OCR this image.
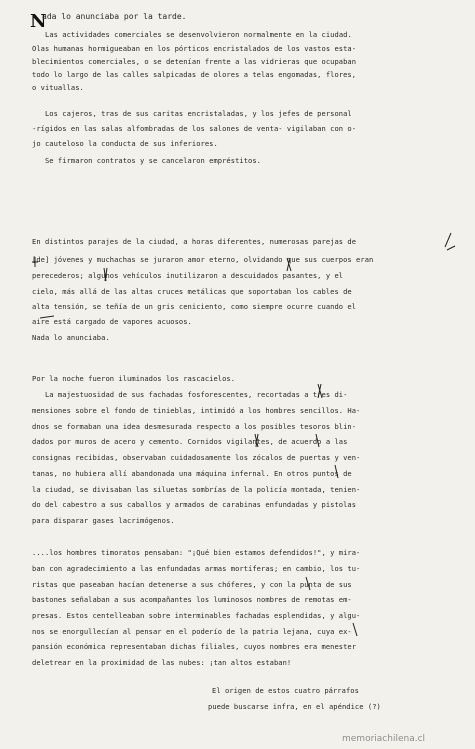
N
ada lo anunciaba por la tarde.
Las actividades comerciales se desenvolvieron normalmente en la ciudad.
Olas humanas hormigueaban en los pórticos encristalados de los vastos esta-
blecimientos comerciales, o se detenían frente a las vidrieras que ocupaban
todo lo largo de las calles salpicadas de olores a telas engomadas, flores,
o vituallas.
Los cajeros, tras de sus caritas encristaladas, y los jefes de personal
-rígidos en las salas alfombradas de los salones de venta- vigilaban con o-
jo cauteloso la conducta de sus inferiores.
Se firmaron contratos y se cancelaron empréstitos.
En distintos parajes de la ciudad, a horas diferentes, numerosas parejas de
[de] jóvenes y muchachas se juraron amor eterno, olvidando que sus cuerpos eran
perecederos; algunos vehículos inutilizaron a descuidados pasantes, y el
cielo, más allá de las altas cruces metálicas que soportaban los cables de
alta tensión, se teñía de un gris ceniciento, como siempre ocurre cuando el
aire está cargado de vapores acuosos.
Nada lo anunciaba.
Por la noche fueron iluminados los rascacielos.
La majestuosidad de sus fachadas fosforescentes, recortadas a tres di-
mensiones sobre el fondo de tinieblas, intimidó a los hombres sencillos. Ha-
dnos se formaban una idea desmesurada respecto a los posibles tesoros blin-
dados por muros de acero y cemento. Cornidos vigilantes, de acuerdo a las
consignas recibidas, observaban cuidadosamente los zócalos de puertas y ven-
tanas, no hubiera allí abandonada una máquina infernal. En otros puntos de
la ciudad, se divisaban las siluetas sombrías de la policía montada, tenien-
do del cabestro a sus caballos y armados de carabinas enfundadas y pistolas
para disparar gases lacrimógenos.
....los hombres timoratos pensaban: "¡Qué bien estamos defendidos!", y mira-
ban con agradecimiento a las enfundadas armas mortíferas; en cambio, los tu-
ristas que paseaban hacían detenerse a sus chóferes, y con la punta de sus
bastones señalaban a sus acompañantes los luminosos nombres de remotas em-
presas. Estos centelleaban sobre interminables fachadas esplendidas, y algu-
nos se enorgullecían al pensar en el poderío de la patria lejana, cuya ex-
pansión económica representaban dichas filiales, cuyos nombres era menester
deletrear en la proximidad de las nubes: ¡tan altos estaban!
El origen de estos cuatro párrafos
puede buscarse infra, en el apéndice (?)
memoriachilena.cl
